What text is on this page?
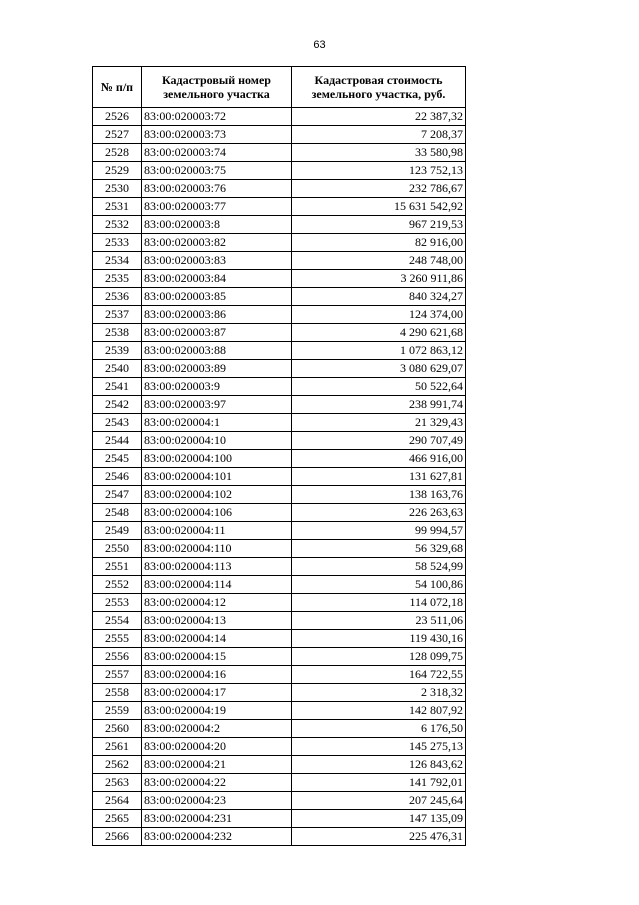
63
№ п/п	Кадастровый номер земельного участка	Кадастровая стоимость земельного участка, руб.
2526	83:00:020003:72	22 387,32
2527	83:00:020003:73	7 208,37
2528	83:00:020003:74	33 580,98
2529	83:00:020003:75	123 752,13
2530	83:00:020003:76	232 786,67
2531	83:00:020003:77	15 631 542,92
2532	83:00:020003:8	967 219,53
2533	83:00:020003:82	82 916,00
2534	83:00:020003:83	248 748,00
2535	83:00:020003:84	3 260 911,86
2536	83:00:020003:85	840 324,27
2537	83:00:020003:86	124 374,00
2538	83:00:020003:87	4 290 621,68
2539	83:00:020003:88	1 072 863,12
2540	83:00:020003:89	3 080 629,07
2541	83:00:020003:9	50 522,64
2542	83:00:020003:97	238 991,74
2543	83:00:020004:1	21 329,43
2544	83:00:020004:10	290 707,49
2545	83:00:020004:100	466 916,00
2546	83:00:020004:101	131 627,81
2547	83:00:020004:102	138 163,76
2548	83:00:020004:106	226 263,63
2549	83:00:020004:11	99 994,57
2550	83:00:020004:110	56 329,68
2551	83:00:020004:113	58 524,99
2552	83:00:020004:114	54 100,86
2553	83:00:020004:12	114 072,18
2554	83:00:020004:13	23 511,06
2555	83:00:020004:14	119 430,16
2556	83:00:020004:15	128 099,75
2557	83:00:020004:16	164 722,55
2558	83:00:020004:17	2 318,32
2559	83:00:020004:19	142 807,92
2560	83:00:020004:2	6 176,50
2561	83:00:020004:20	145 275,13
2562	83:00:020004:21	126 843,62
2563	83:00:020004:22	141 792,01
2564	83:00:020004:23	207 245,64
2565	83:00:020004:231	147 135,09
2566	83:00:020004:232	225 476,31
